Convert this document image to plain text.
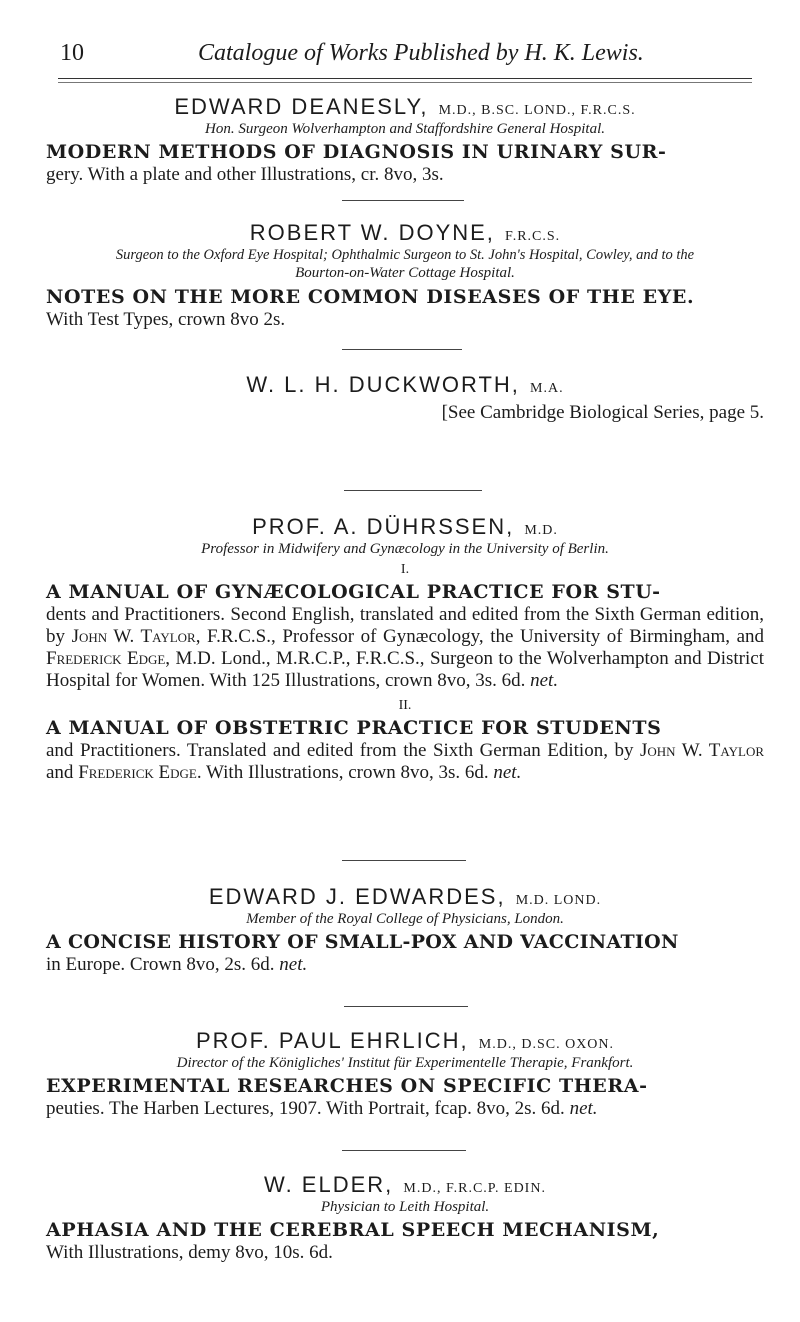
10	Catalogue of Works Published by H. K. Lewis.
EDWARD DEANESLY, M.D., B.SC. LOND., F.R.C.S.
Hon. Surgeon Wolverhampton and Staffordshire General Hospital.
MODERN METHODS OF DIAGNOSIS IN URINARY SUR-
gery. With a plate and other Illustrations, cr. 8vo, 3s.
ROBERT W. DOYNE, F.R.C.S.
Surgeon to the Oxford Eye Hospital; Ophthalmic Surgeon to St. John's Hospital, Cowley, and to the
Bourton-on-Water Cottage Hospital.
NOTES ON THE MORE COMMON DISEASES OF THE EYE.
With Test Types, crown 8vo 2s.
W. L. H. DUCKWORTH, M.A.
[See Cambridge Biological Series, page 5.
PROF. A. DÜHRSSEN, M.D.
Professor in Midwifery and Gynæcology in the University of Berlin.
I.
A MANUAL OF GYNÆCOLOGICAL PRACTICE FOR STU-
dents and Practitioners. Second English, translated and edited from the Sixth German edition, by John W. Taylor, F.R.C.S., Professor of Gynæcology, the University of Birmingham, and Frederick Edge, M.D. Lond., M.R.C.P., F.R.C.S., Surgeon to the Wolverhampton and District Hospital for Women. With 125 Illustrations, crown 8vo, 3s. 6d. net.
II.
A MANUAL OF OBSTETRIC PRACTICE FOR STUDENTS
and Practitioners. Translated and edited from the Sixth German Edition, by John W. Taylor and Frederick Edge. With Illustrations, crown 8vo, 3s. 6d. net.
EDWARD J. EDWARDES, M.D. LOND.
Member of the Royal College of Physicians, London.
A CONCISE HISTORY OF SMALL-POX AND VACCINATION
in Europe. Crown 8vo, 2s. 6d. net.
PROF. PAUL EHRLICH, M.D., D.SC. OXON.
Director of the Königliches' Institut für Experimentelle Therapie, Frankfort.
EXPERIMENTAL RESEARCHES ON SPECIFIC THERA-
peuties. The Harben Lectures, 1907. With Portrait, fcap. 8vo, 2s. 6d. net.
W. ELDER, M.D., F.R.C.P. EDIN.
Physician to Leith Hospital.
APHASIA AND THE CEREBRAL SPEECH MECHANISM,
With Illustrations, demy 8vo, 10s. 6d.
